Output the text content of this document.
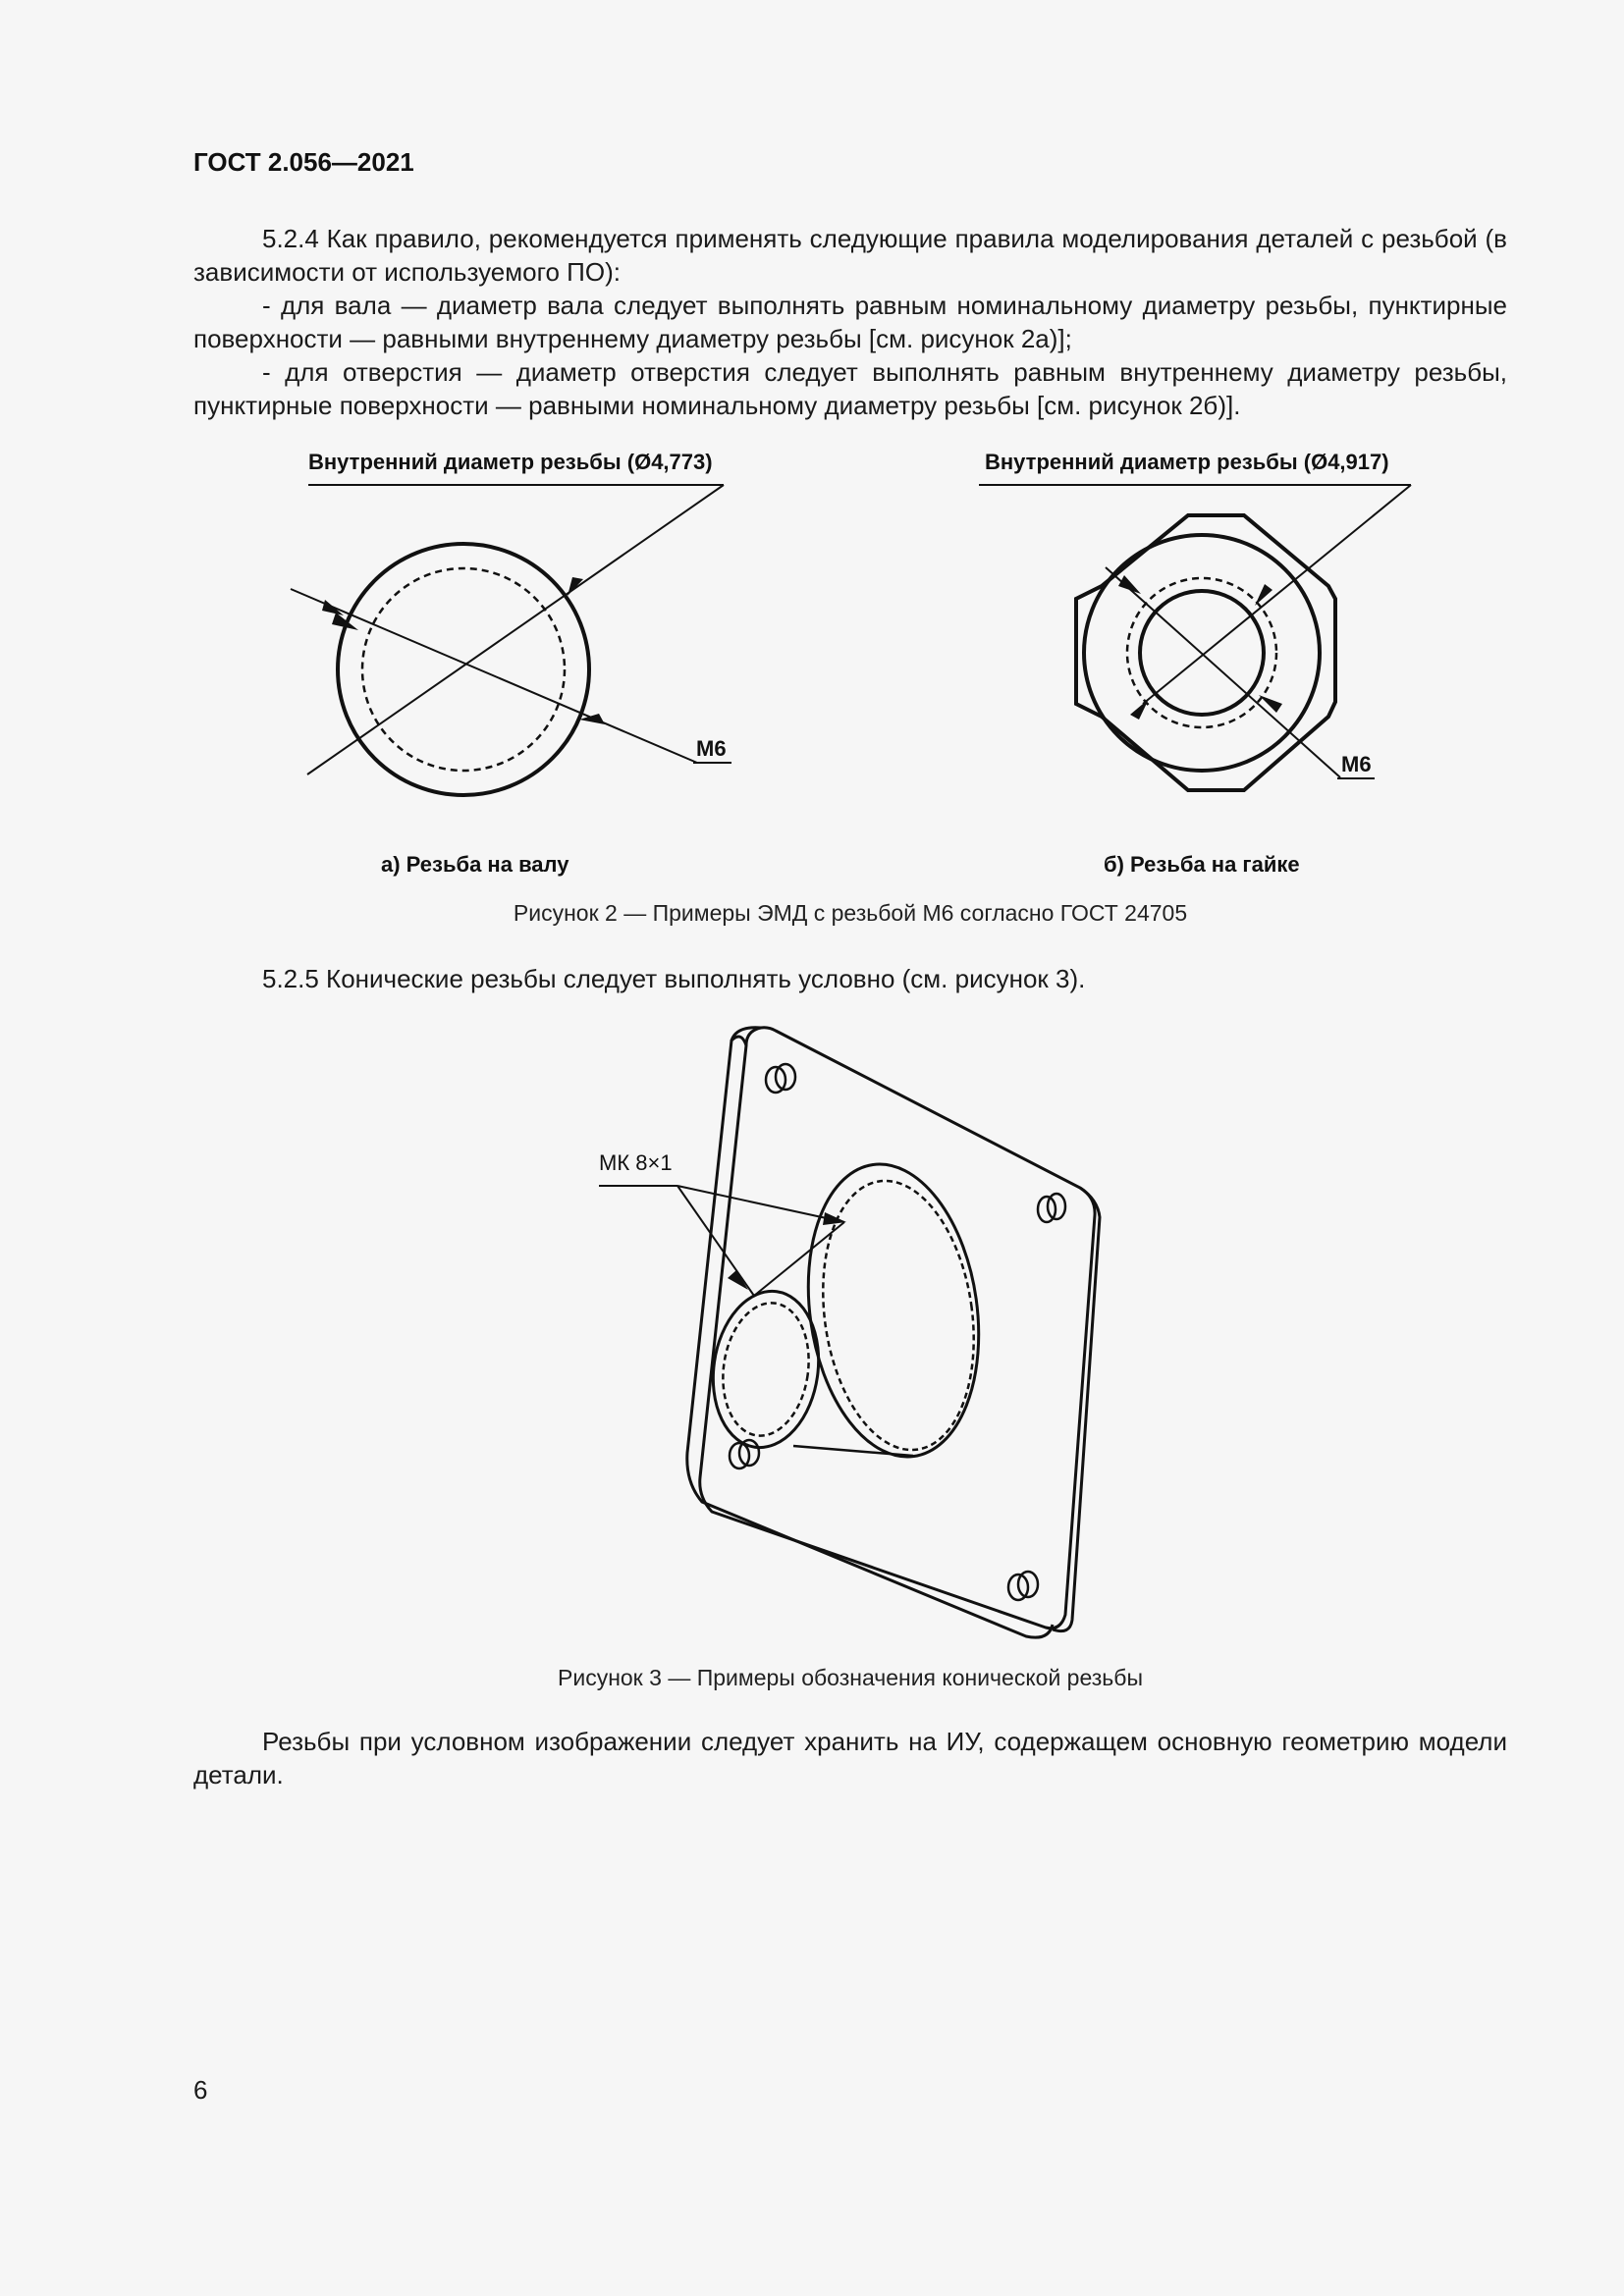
ГОСТ 2.056—2021

5.2.4 Как правило, рекомендуется применять следующие правила моделирования деталей с резьбой (в зависимости от используемого ПО):

- для вала — диаметр вала следует выполнять равным номинальному диаметру резьбы, пунктирные поверхности — равными внутреннему диаметру резьбы [см. рисунок 2а)];

- для отверстия — диаметр отверстия следует выполнять равным внутреннему диаметру резьбы, пунктирные поверхности — равными номинальному диаметру резьбы [см. рисунок 2б)].

Внутренний диаметр резьбы (Ø4,773)
M6
а) Резьба на валу
Внутренний диаметр резьбы (Ø4,917)
M6
б) Резьба на гайке
Рисунок 2 — Примеры ЭМД с резьбой М6 согласно ГОСТ 24705

5.2.5 Конические резьбы следует выполнять условно (см. рисунок 3).

МК 8×1
Рисунок 3 — Примеры обозначения конической резьбы

Резьбы при условном изображении следует хранить на ИУ, содержащем основную геометрию модели детали.

6
